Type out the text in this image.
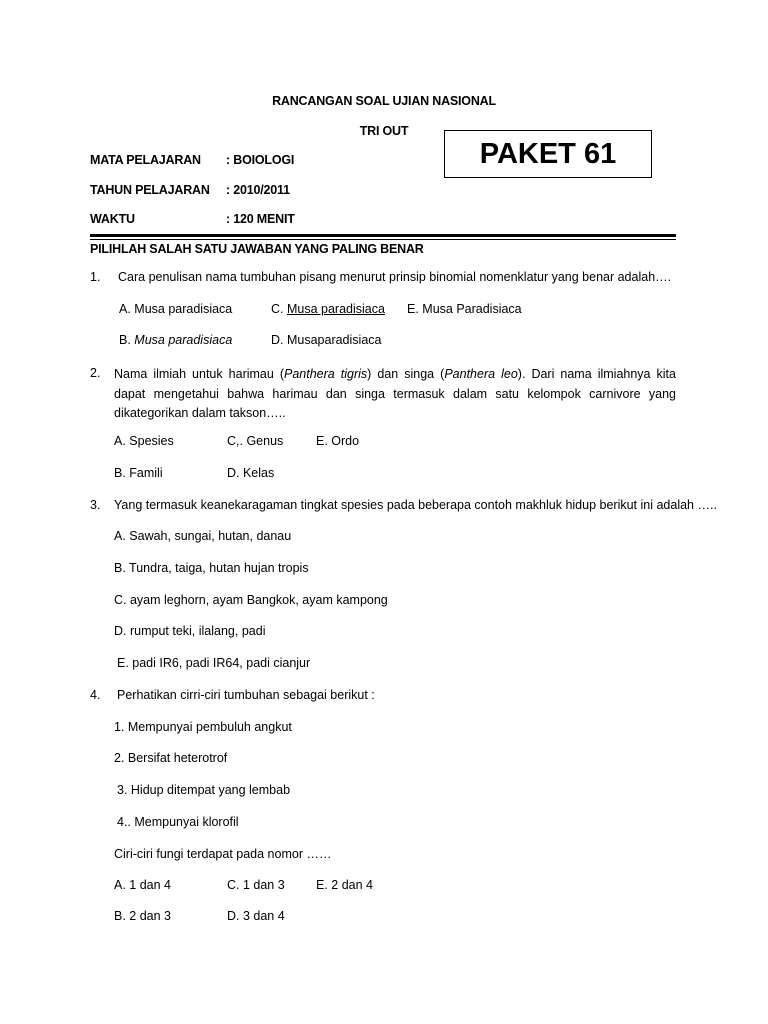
RANCANGAN SOAL UJIAN NASIONAL
TRI OUT
PAKET 61
MATA PELAJARAN : BOIOLOGI
TAHUN PELAJARAN : 2010/2011
WAKTU	: 120 MENIT
PILIHLAH SALAH SATU JAWABAN YANG PALING BENAR
1. Cara penulisan nama tumbuhan pisang menurut prinsip binomial nomenklatur yang benar adalah….
A. Musa paradisiaca	C. Musa paradisiaca E. Musa Paradisiaca
B. Musa paradisiaca	D. Musaparadisiaca
2. Nama ilmiah untuk harimau (Panthera tigris) dan singa (Panthera leo). Dari nama ilmiahnya kita dapat mengetahui bahwa harimau dan singa termasuk dalam satu kelompok carnivore yang dikategorikan dalam takson…..
A. Spesies	C,. Genus	E. Ordo
B. Famili	D. Kelas
3. Yang termasuk keanekaragaman tingkat spesies pada beberapa contoh makhluk hidup berikut ini adalah …..
A. Sawah, sungai, hutan, danau
B. Tundra, taiga, hutan hujan tropis
C. ayam leghorn, ayam Bangkok, ayam kampong
D. rumput teki, ilalang, padi
E. padi IR6, padi IR64, padi cianjur
4. Perhatikan cirri-ciri tumbuhan sebagai berikut :
1. Mempunyai pembuluh angkut
2. Bersifat heterotrof
3. Hidup ditempat yang lembab
4.. Mempunyai klorofil
Ciri-ciri fungi terdapat pada nomor ……
A. 1 dan 4	C. 1 dan 3	E. 2 dan 4
B. 2 dan 3	D. 3 dan 4
